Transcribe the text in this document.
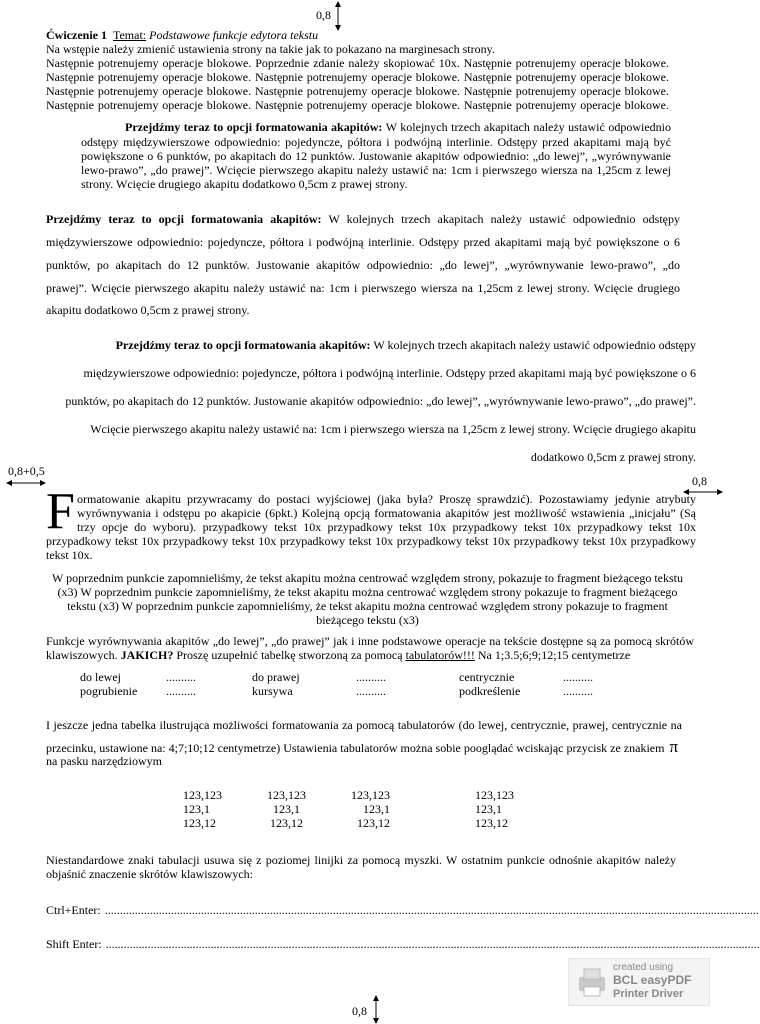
0,8
Ćwiczenie 1 Temat: Podstawowe funkcje edytora tekstu
Na wstępie należy zmienić ustawienia strony na takie jak to pokazano na marginesach strony.
Następnie potrenujemy operacje blokowe. Poprzednie zdanie należy skopiować 10x. Następnie potrenujemy operacje blokowe.
Następnie potrenujemy operacje blokowe. Następnie potrenujemy operacje blokowe. Następnie potrenujemy operacje blokowe.
Następnie potrenujemy operacje blokowe. Następnie potrenujemy operacje blokowe. Następnie potrenujemy operacje blokowe.
Następnie potrenujemy operacje blokowe. Następnie potrenujemy operacje blokowe. Następnie potrenujemy operacje blokowe.
Przejdźmy teraz to opcji formatowania akapitów: W kolejnych trzech akapitach należy ustawić odpowiednio
odstępy międzywierszowe odpowiednio: pojedyncze, półtora i podwójną interlinie. Odstępy przed akapitami mają być
powiększone o 6 punktów, po akapitach do 12 punktów. Justowanie akapitów odpowiednio: „do lewej”, „wyrównywanie
lewo-prawo”, „do prawej”. Wcięcie pierwszego akapitu należy ustawić na: 1cm i pierwszego wiersza na 1,25cm z lewej
strony. Wcięcie drugiego akapitu dodatkowo 0,5cm z prawej strony.
Przejdźmy teraz to opcji formatowania akapitów: W kolejnych trzech akapitach należy ustawić odpowiednio odstępy
międzywierszowe odpowiednio: pojedyncze, półtora i podwójną interlinie. Odstępy przed akapitami mają być powiększone o 6
punktów, po akapitach do 12 punktów. Justowanie akapitów odpowiednio: „do lewej”, „wyrównywanie lewo-prawo”, „do
prawej”. Wcięcie pierwszego akapitu należy ustawić na: 1cm i pierwszego wiersza na 1,25cm z lewej strony. Wcięcie drugiego
akapitu dodatkowo 0,5cm z prawej strony.
Przejdźmy teraz to opcji formatowania akapitów: W kolejnych trzech akapitach należy ustawić odpowiednio odstępy
międzywierszowe odpowiednio: pojedyncze, półtora i podwójną interlinie. Odstępy przed akapitami mają być powiększone o 6
punktów, po akapitach do 12 punktów. Justowanie akapitów odpowiednio: „do lewej”, „wyrównywanie lewo-prawo”, „do prawej”.
Wcięcie pierwszego akapitu należy ustawić na: 1cm i pierwszego wiersza na 1,25cm z lewej strony. Wcięcie drugiego akapitu
dodatkowo 0,5cm z prawej strony.
0,8+0,5
0,8
F ormatowanie akapitu przywracamy do postaci wyjściowej (jaka była? Proszę sprawdzić). Pozostawiamy jedynie atrybuty
wyrównywania i odstępu po akapicie (6pkt.) Kolejną opcją formatowania akapitów jest możliwość wstawienia „inicjału” (Są
trzy opcje do wyboru). przypadkowy tekst 10x przypadkowy tekst 10x przypadkowy tekst 10x przypadkowy tekst 10x
przypadkowy tekst 10x przypadkowy tekst 10x przypadkowy tekst 10x przypadkowy tekst 10x przypadkowy tekst 10x przypadkowy
tekst 10x.
W poprzednim punkcie zapomnieliśmy, że tekst akapitu można centrować względem strony, pokazuje to fragment bieżącego tekstu
(x3) W poprzednim punkcie zapomnieliśmy, że tekst akapitu można centrować względem strony pokazuje to fragment bieżącego
tekstu (x3) W poprzednim punkcie zapomnieliśmy, że tekst akapitu można centrować względem strony pokazuje to fragment
bieżącego tekstu (x3)
Funkcje wyrównywania akapitów „do lewej”, „do prawej” jak i inne podstawowe operacje na tekście dostępne są za pomocą skrótów
klawiszowych. JAKICH? Proszę uzupełnić tabelkę stworzoną za pomocą tabulatorów!!! Na 1;3.5;6;9;12;15 centymetrze
do lewej	..........	do prawej	..........	centrycznie	..........
pogrubienie ..........	kursywa	..........	podkreślenie	..........
I jeszcze jedna tabelka ilustrująca możliwości formatowania za pomocą tabulatorów (do lewej, centrycznie, prawej, centrycznie na
przecinku, ustawione na: 4;7;10;12 centymetrze) Ustawienia tabulatorów można sobie pooglądać wciskając przycisk ze znakiem π
na pasku narzędziowym
123,123	123,123	123,123	123,123
123,1	123,1	123,1	123,1
123,12	123,12	123,12	123,12
Niestandardowe znaki tabulacji usuwa się z poziomej linijki za pomocą myszki. W ostatnim punkcie odnośnie akapitów należy
objaśnić znaczenie skrótów klawiszowych:
Ctrl+Enter: ..........................................................................................................................................................................................................................
Shift Enter: ..........................................................................................................................................................................................................................
created using
BCL easyPDF
Printer Driver
0,8
